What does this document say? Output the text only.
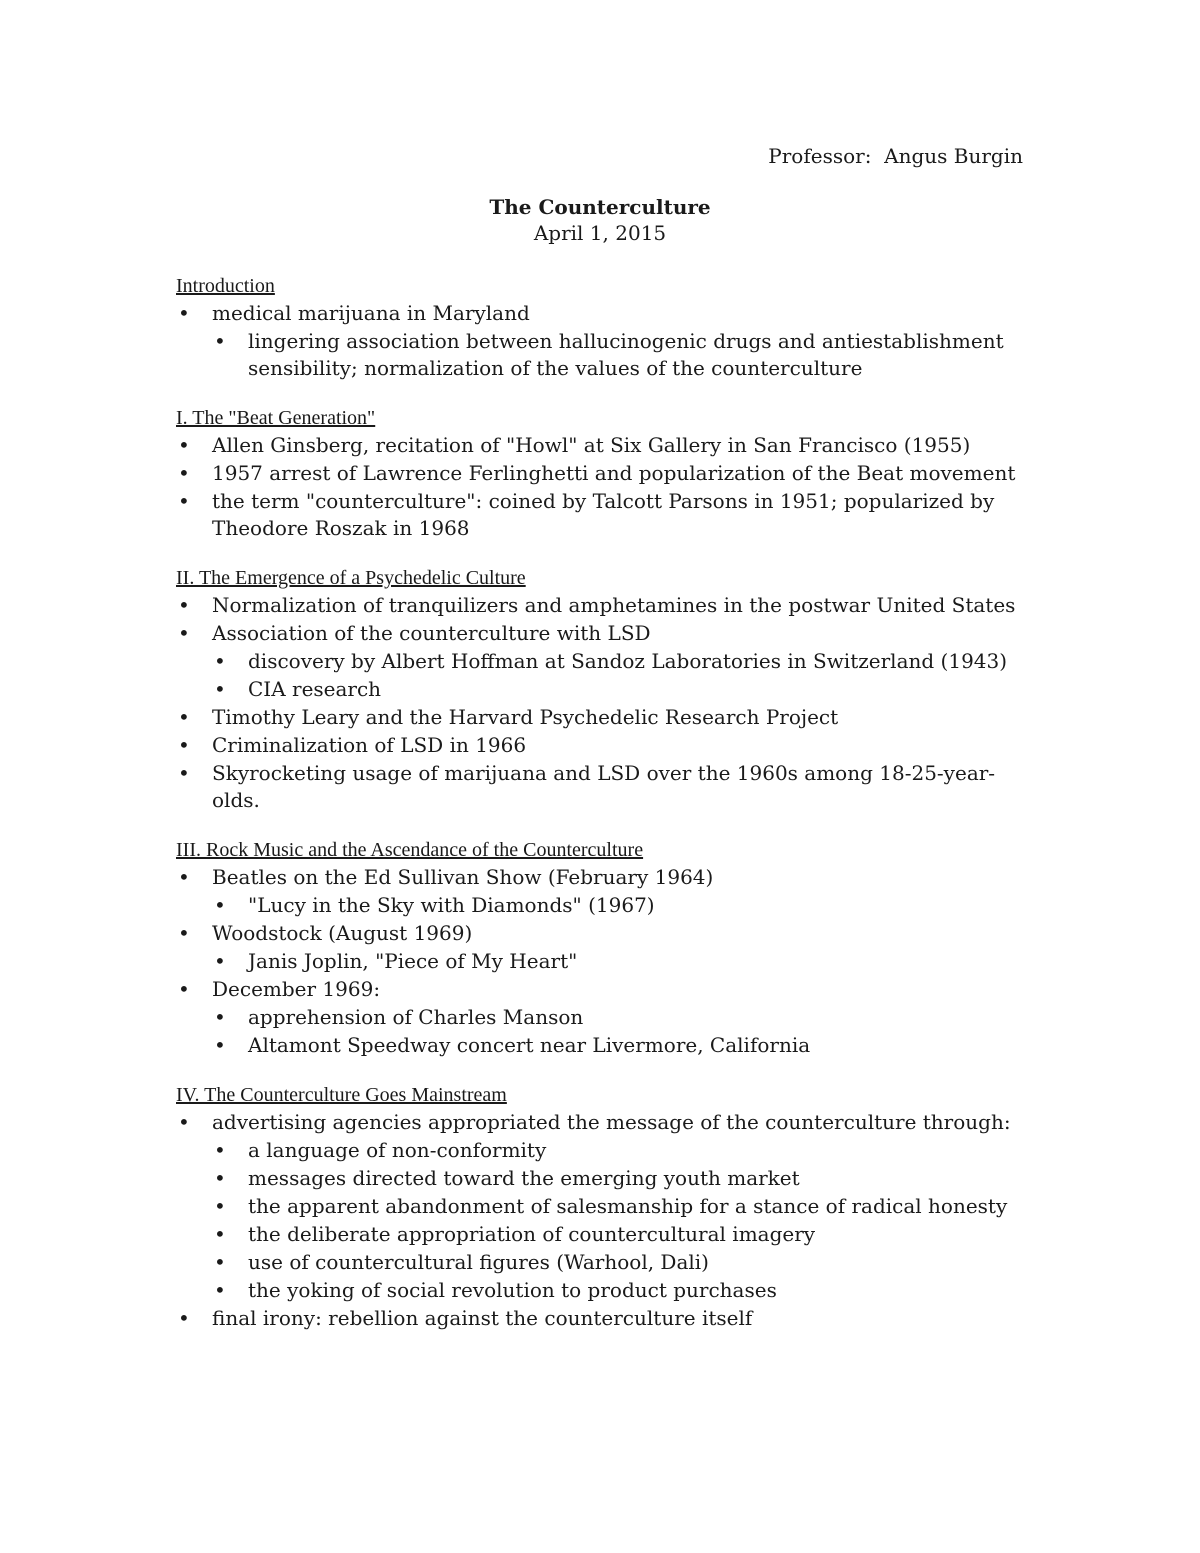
Professor:  Angus Burgin
The Counterculture
April 1, 2015
Introduction
• medical marijuana in Maryland
• lingering association between hallucinogenic drugs and antiestablishment sensibility; normalization of the values of the counterculture
I. The "Beat Generation"
• Allen Ginsberg, recitation of "Howl" at Six Gallery in San Francisco (1955)
• 1957 arrest of Lawrence Ferlinghetti and popularization of the Beat movement
• the term "counterculture": coined by Talcott Parsons in 1951; popularized by Theodore Roszak in 1968
II. The Emergence of a Psychedelic Culture
• Normalization of tranquilizers and amphetamines in the postwar United States
• Association of the counterculture with LSD
• discovery by Albert Hoffman at Sandoz Laboratories in Switzerland (1943)
• CIA research
• Timothy Leary and the Harvard Psychedelic Research Project
• Criminalization of LSD in 1966
• Skyrocketing usage of marijuana and LSD over the 1960s among 18-25-year-olds.
III. Rock Music and the Ascendance of the Counterculture
• Beatles on the Ed Sullivan Show (February 1964)
• "Lucy in the Sky with Diamonds" (1967)
• Woodstock (August 1969)
• Janis Joplin, "Piece of My Heart"
• December 1969:
• apprehension of Charles Manson
• Altamont Speedway concert near Livermore, California
IV. The Counterculture Goes Mainstream
• advertising agencies appropriated the message of the counterculture through:
• a language of non-conformity
• messages directed toward the emerging youth market
• the apparent abandonment of salesmanship for a stance of radical honesty
• the deliberate appropriation of countercultural imagery
• use of countercultural figures (Warhool, Dali)
• the yoking of social revolution to product purchases
• final irony: rebellion against the counterculture itself
